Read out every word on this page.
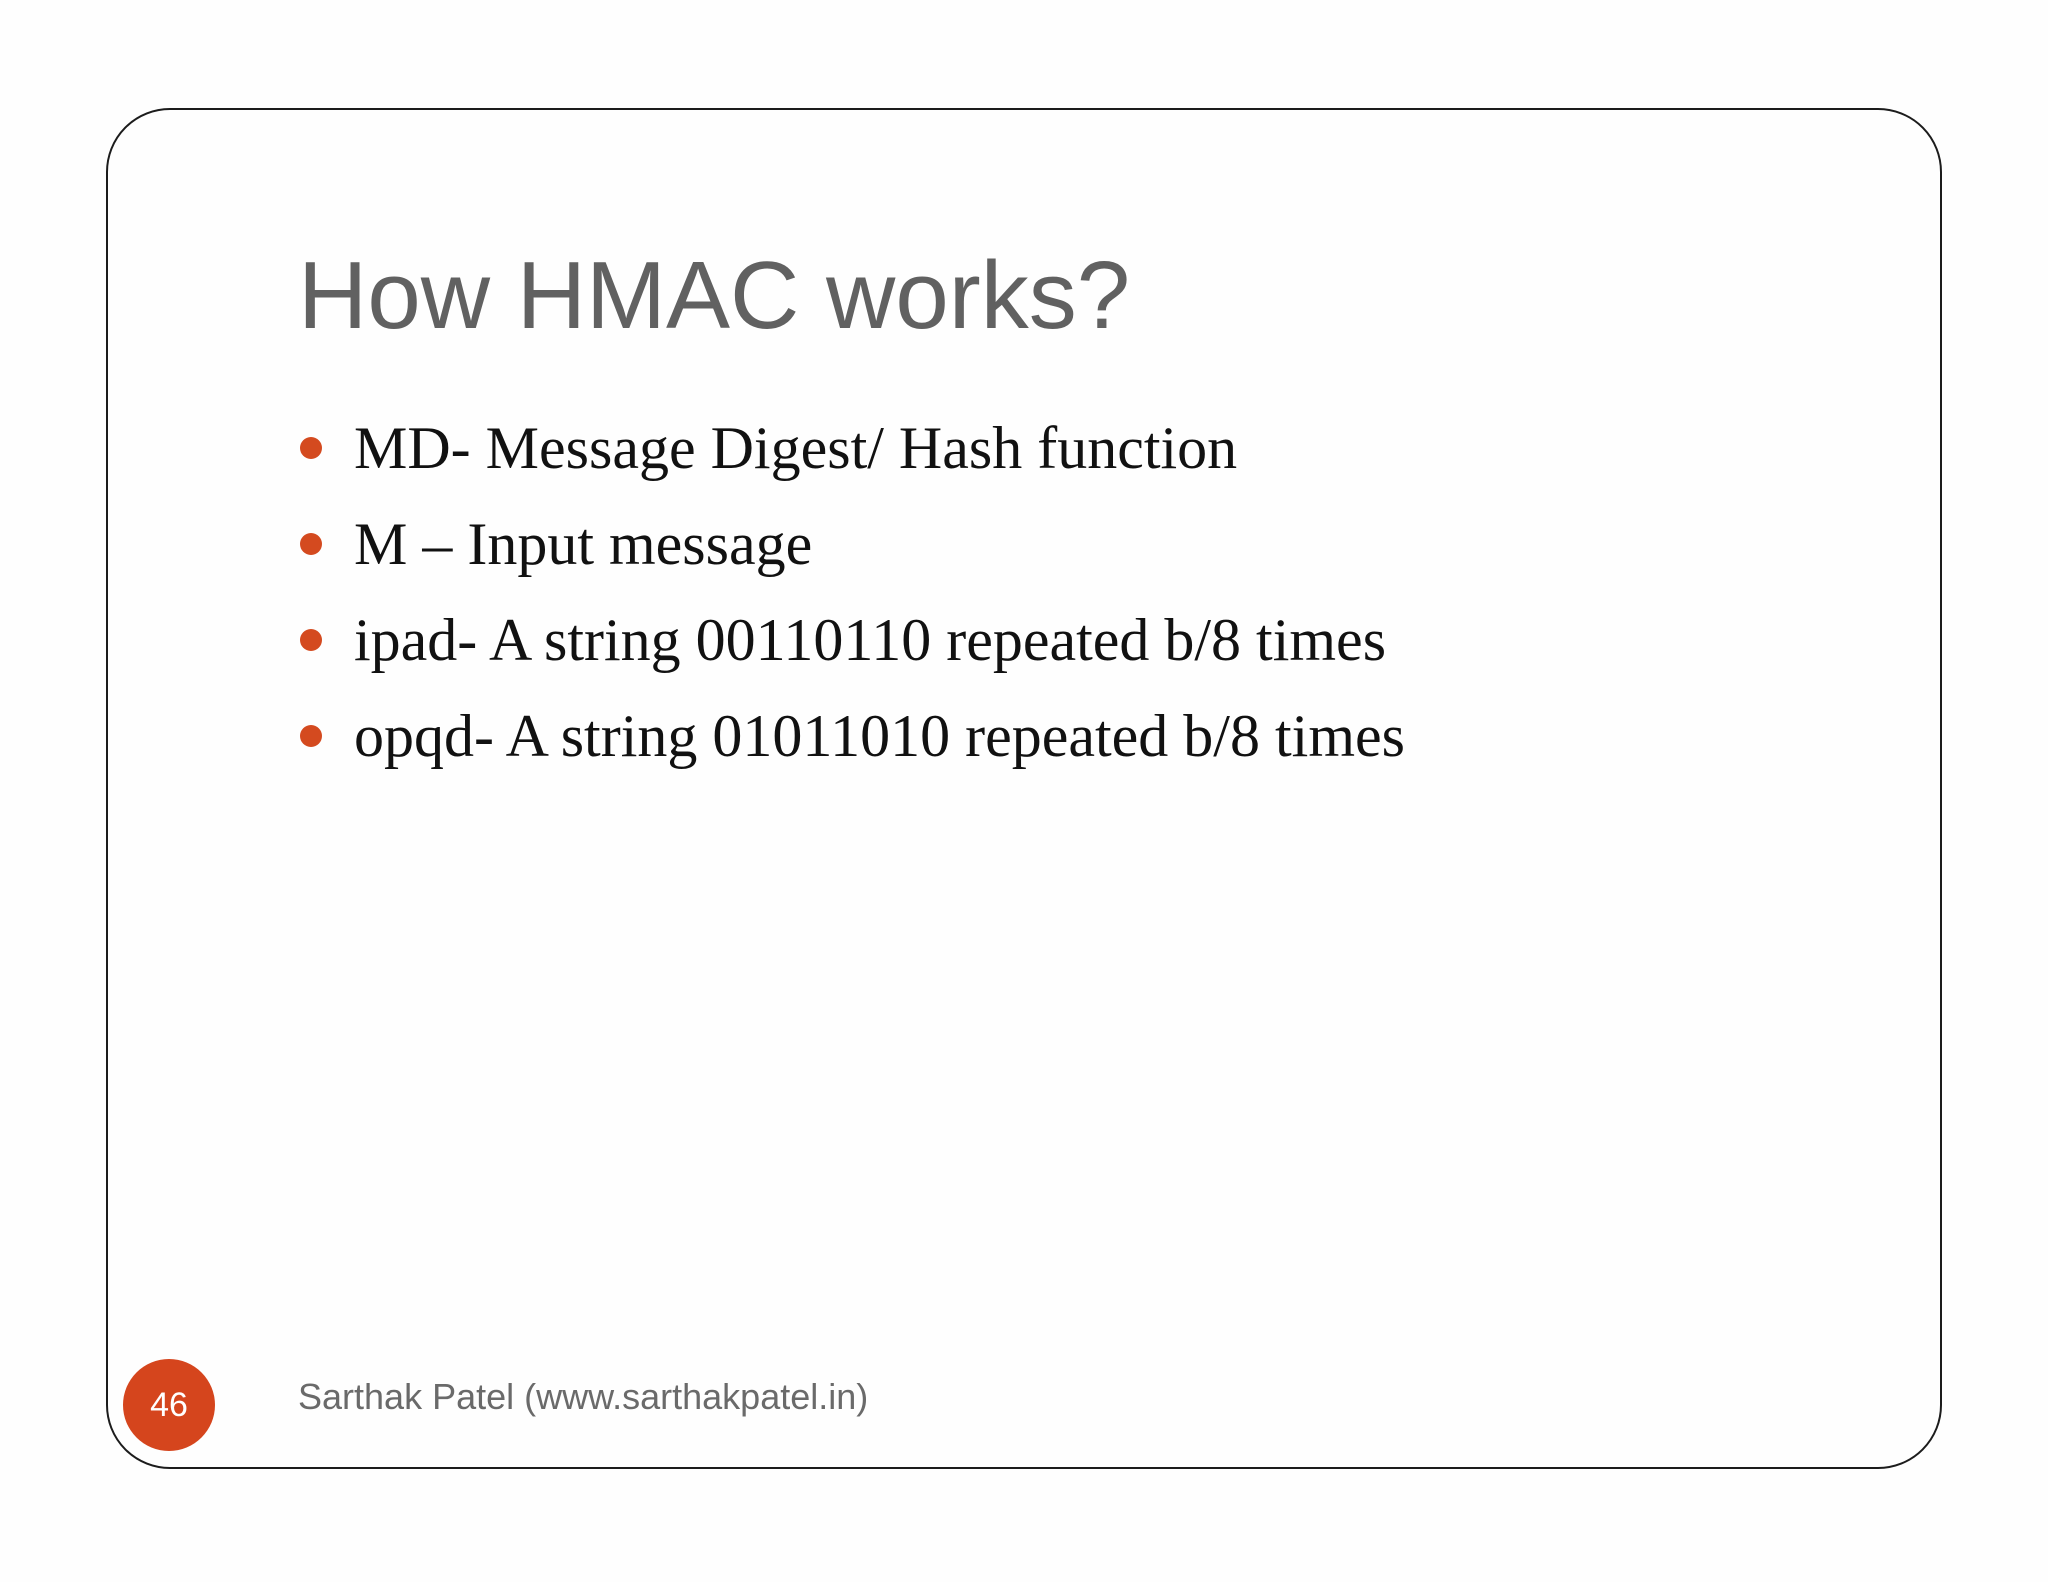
How HMAC works?
MD- Message Digest/ Hash function
M – Input message
ipad- A string 00110110 repeated b/8 times
opqd- A string 01011010 repeated b/8 times
46	Sarthak Patel (www.sarthakpatel.in)
